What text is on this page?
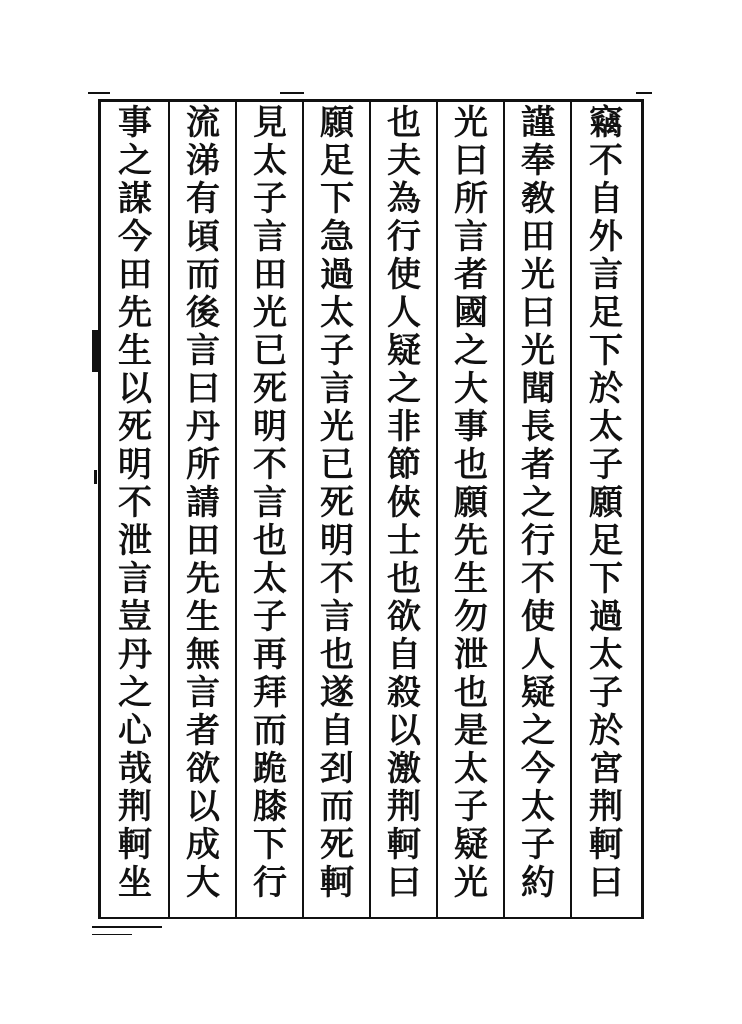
竊
不
自
外
言
足
下
於
太
子
願
足
下
過
太
子
於
宮
荆
軻
曰
謹
奉
敎
田
光
曰
光
聞
長
者
之
行
不
使
人
疑
之
今
太
子
約
光
曰
所
言
者
國
之
大
事
也
願
先
生
勿
泄
也
是
太
子
疑
光
也
夫
為
行
使
人
疑
之
非
節
俠
士
也
欲
自
殺
以
激
荆
軻
曰
願
足
下
急
過
太
子
言
光
已
死
明
不
言
也
遂
自
刭
而
死
軻
見
太
子
言
田
光
已
死
明
不
言
也
太
子
再
拜
而
跪
膝
下
行
流
涕
有
頃
而
後
言
曰
丹
所
請
田
先
生
無
言
者
欲
以
成
大
事
之
謀
今
田
先
生
以
死
明
不
泄
言
豈
丹
之
心
哉
荆
軻
坐
